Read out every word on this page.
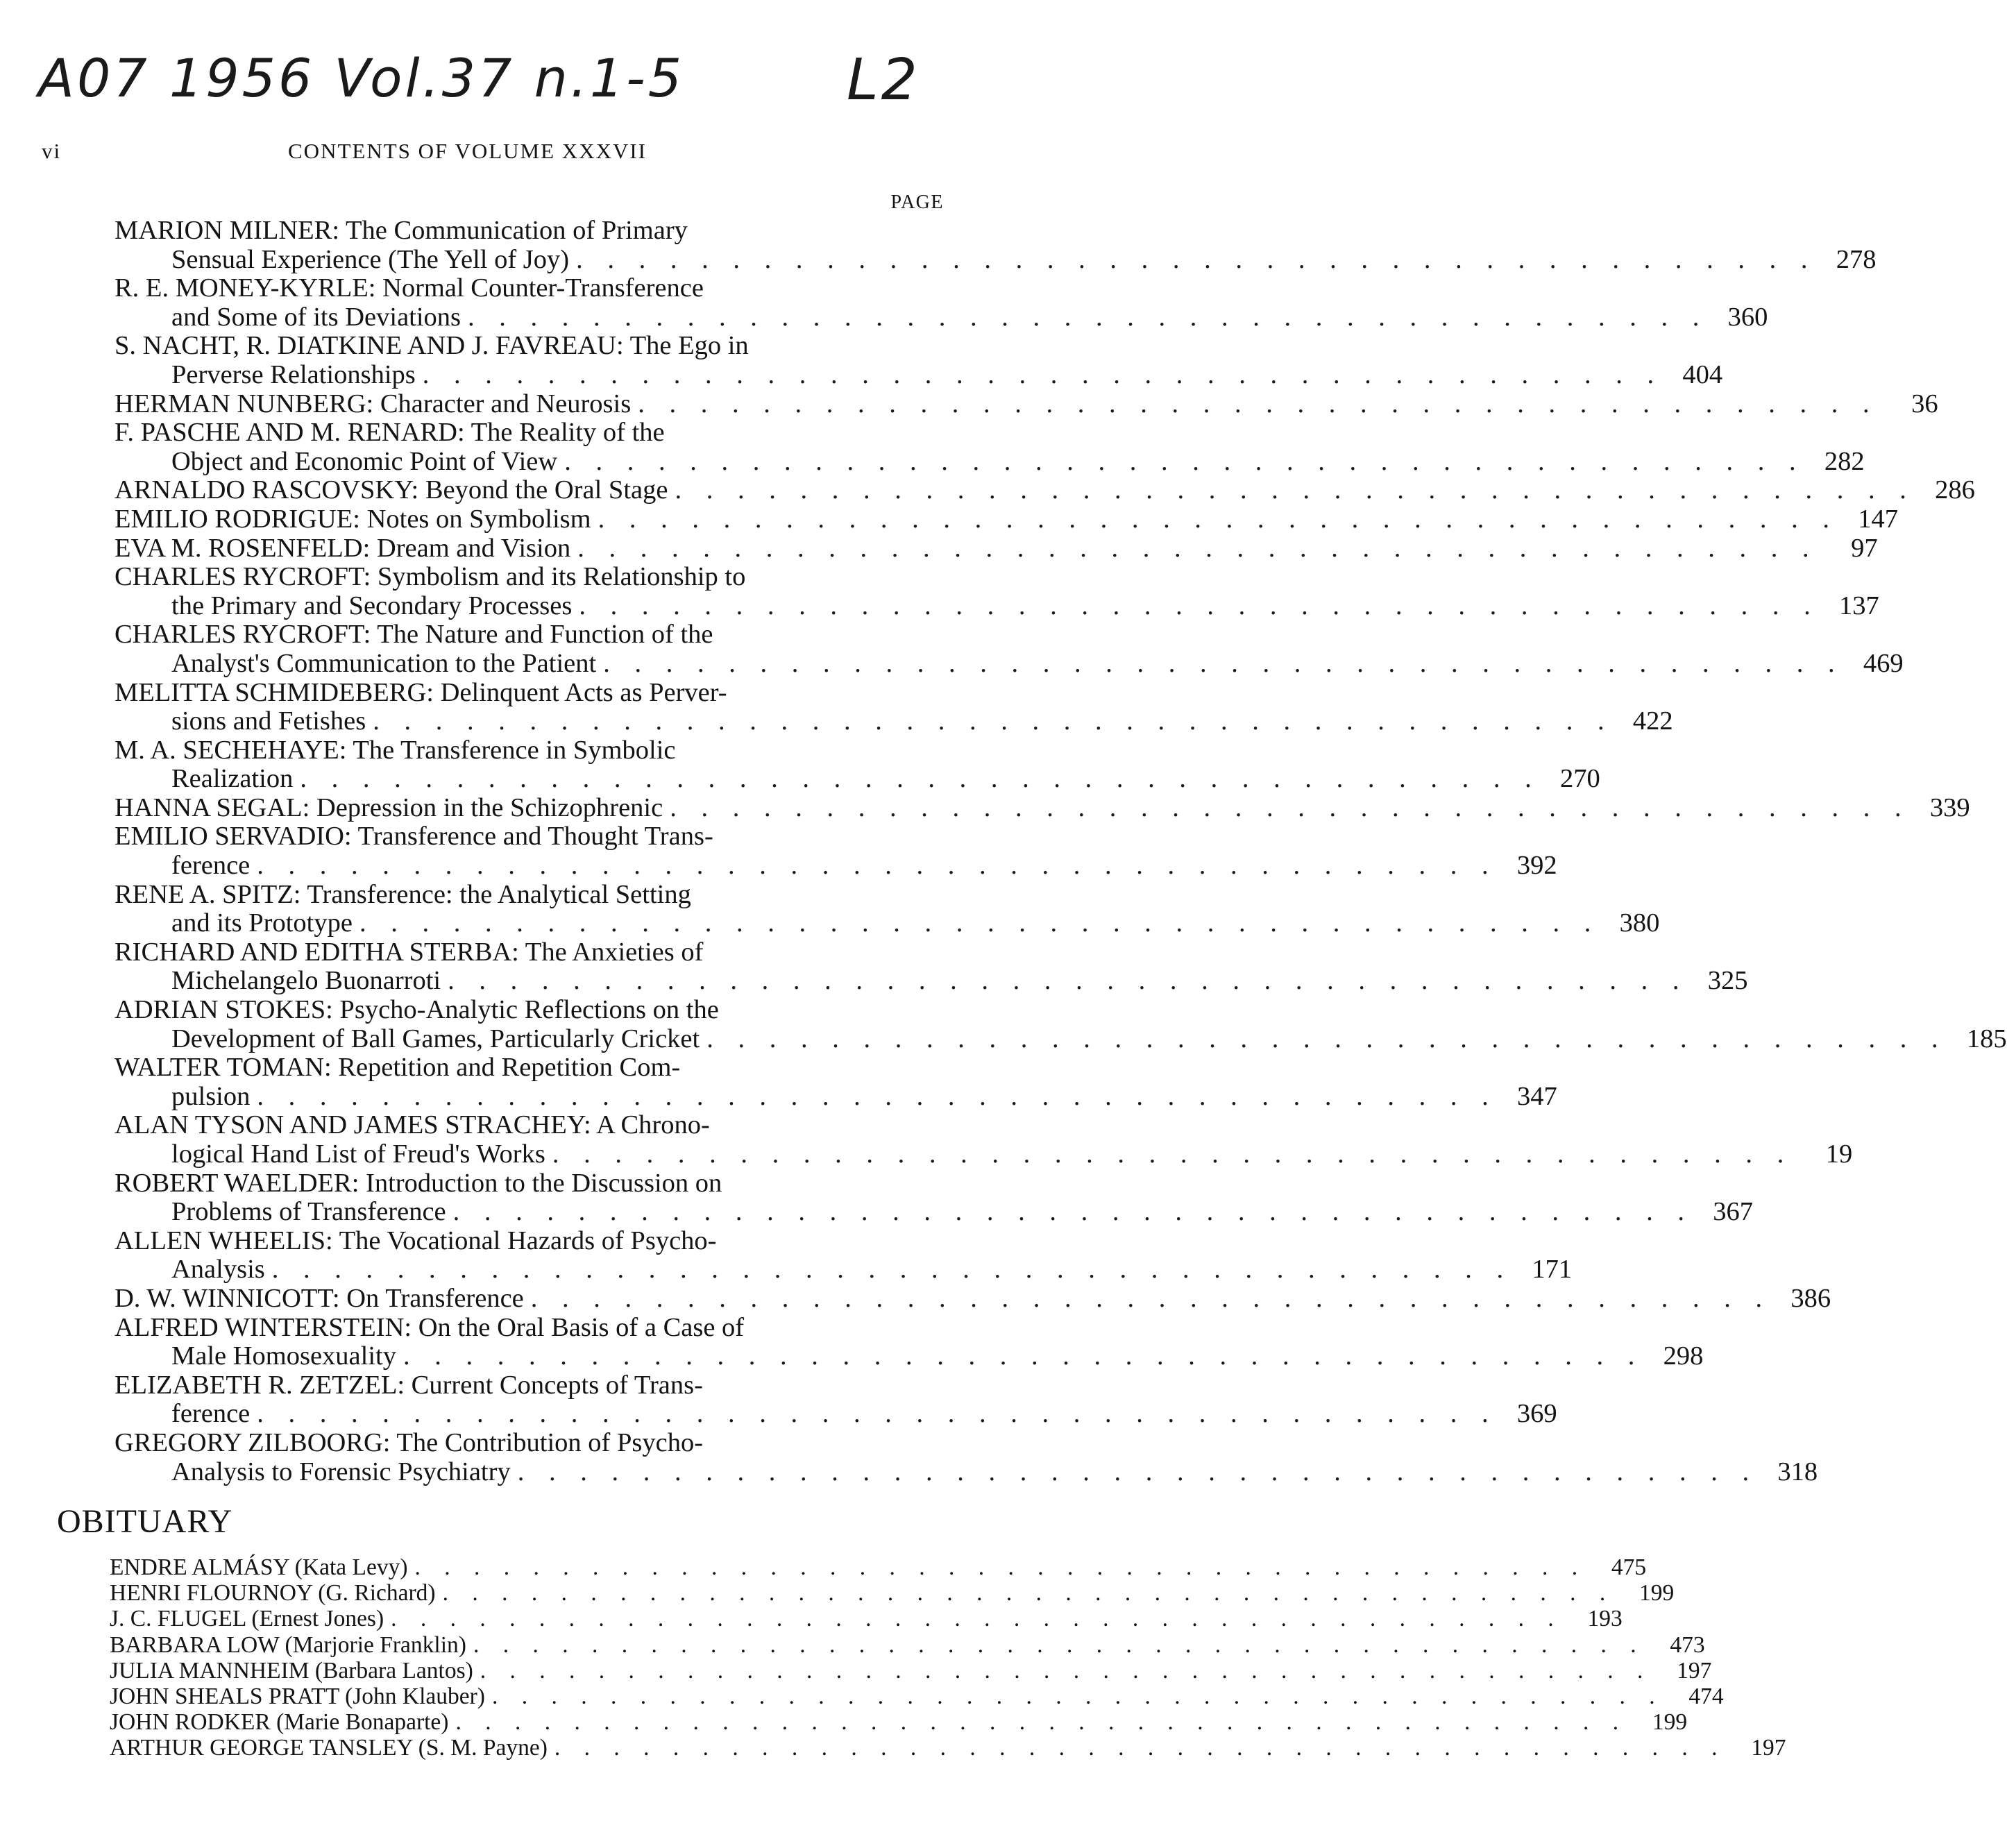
A07 1956 Vol.37 n.1-5	L2
vi	CONTENTS OF VOLUME XXXVII
PAGE
MARION MILNER: The Communication of Primary
Sensual Experience (The Yell of Joy) . . . . . . . . . . . . . . . . . . . . . . . . . . . . . . . . . . . . . . . . 278
R. E. MONEY-KYRLE: Normal Counter-Transference
and Some of its Deviations . . . . . . . . . . . . . . . . . . . . . . . . . . . . . . . . . . . . . . . . 360
S. NACHT, R. DIATKINE AND J. FAVREAU: The Ego in
Perverse Relationships . . . . . . . . . . . . . . . . . . . . . . . . . . . . . . . . . . . . . . . . 404
HERMAN NUNBERG: Character and Neurosis . . . . . . . . . . . . . . . . . . . . . . . . . . . . . . . . . . . . . . . .	36
F. PASCHE AND M. RENARD: The Reality of the
Object and Economic Point of View . . . . . . . . . . . . . . . . . . . . . . . . . . . . . . . . . . . . . . . . 282
ARNALDO RASCOVSKY: Beyond the Oral Stage . . . . . . . . . . . . . . . . . . . . . . . . . . . . . . . . . . . . . . . . 286
EMILIO RODRIGUE: Notes on Symbolism . . . . . . . . . . . . . . . . . . . . . . . . . . . . . . . . . . . . . . . . 147
EVA M. ROSENFELD: Dream and Vision . . . . . . . . . . . . . . . . . . . . . . . . . . . . . . . . . . . . . . . .	97
CHARLES RYCROFT: Symbolism and its Relationship to
the Primary and Secondary Processes . . . . . . . . . . . . . . . . . . . . . . . . . . . . . . . . . . . . . . . . 137
CHARLES RYCROFT: The Nature and Function of the
Analyst's Communication to the Patient . . . . . . . . . . . . . . . . . . . . . . . . . . . . . . . . . . . . . . . . 469
MELITTA SCHMIDEBERG: Delinquent Acts as Perver-
sions and Fetishes . . . . . . . . . . . . . . . . . . . . . . . . . . . . . . . . . . . . . . . . 422
M. A. SECHEHAYE: The Transference in Symbolic
Realization . . . . . . . . . . . . . . . . . . . . . . . . . . . . . . . . . . . . . . . . 270
HANNA SEGAL: Depression in the Schizophrenic . . . . . . . . . . . . . . . . . . . . . . . . . . . . . . . . . . . . . . . . 339
EMILIO SERVADIO: Transference and Thought Trans-
ference . . . . . . . . . . . . . . . . . . . . . . . . . . . . . . . . . . . . . . . . 392
RENE A. SPITZ: Transference: the Analytical Setting
and its Prototype . . . . . . . . . . . . . . . . . . . . . . . . . . . . . . . . . . . . . . . . 380
RICHARD AND EDITHA STERBA: The Anxieties of
Michelangelo Buonarroti . . . . . . . . . . . . . . . . . . . . . . . . . . . . . . . . . . . . . . . . 325
ADRIAN STOKES: Psycho-Analytic Reflections on the
Development of Ball Games, Particularly Cricket . . . . . . . . . . . . . . . . . . . . . . . . . . . . . . . . . . . . . . . . 185
WALTER TOMAN: Repetition and Repetition Com-
pulsion . . . . . . . . . . . . . . . . . . . . . . . . . . . . . . . . . . . . . . . . 347
ALAN TYSON AND JAMES STRACHEY: A Chrono-
logical Hand List of Freud's Works . . . . . . . . . . . . . . . . . . . . . . . . . . . . . . . . . . . . . . . .	19
ROBERT WAELDER: Introduction to the Discussion on
Problems of Transference . . . . . . . . . . . . . . . . . . . . . . . . . . . . . . . . . . . . . . . . 367
ALLEN WHEELIS: The Vocational Hazards of Psycho-
Analysis . . . . . . . . . . . . . . . . . . . . . . . . . . . . . . . . . . . . . . . . 171
D. W. WINNICOTT: On Transference . . . . . . . . . . . . . . . . . . . . . . . . . . . . . . . . . . . . . . . . 386
ALFRED WINTERSTEIN: On the Oral Basis of a Case of
Male Homosexuality . . . . . . . . . . . . . . . . . . . . . . . . . . . . . . . . . . . . . . . . 298
ELIZABETH R. ZETZEL: Current Concepts of Trans-
ference . . . . . . . . . . . . . . . . . . . . . . . . . . . . . . . . . . . . . . . . 369
GREGORY ZILBOORG: The Contribution of Psycho-
Analysis to Forensic Psychiatry . . . . . . . . . . . . . . . . . . . . . . . . . . . . . . . . . . . . . . . . 318
OBITUARY
ENDRE ALMÁSY (Kata Levy) . . . . . . . . . . . . . . . . . . . . . . . . . . . . . . . . . . . . . . . .	475
HENRI FLOURNOY (G. Richard) . . . . . . . . . . . . . . . . . . . . . . . . . . . . . . . . . . . . . . . .	199
J. C. FLUGEL (Ernest Jones) . . . . . . . . . . . . . . . . . . . . . . . . . . . . . . . . . . . . . . . .	193
BARBARA LOW (Marjorie Franklin) . . . . . . . . . . . . . . . . . . . . . . . . . . . . . . . . . . . . . . . .	473
JULIA MANNHEIM (Barbara Lantos) . . . . . . . . . . . . . . . . . . . . . . . . . . . . . . . . . . . . . . . .	197
JOHN SHEALS PRATT (John Klauber) . . . . . . . . . . . . . . . . . . . . . . . . . . . . . . . . . . . . . . . .	474
JOHN RODKER (Marie Bonaparte) . . . . . . . . . . . . . . . . . . . . . . . . . . . . . . . . . . . . . . . .	199
ARTHUR GEORGE TANSLEY (S. M. Payne) . . . . . . . . . . . . . . . . . . . . . . . . . . . . . . . . . . . . . . . .	197
